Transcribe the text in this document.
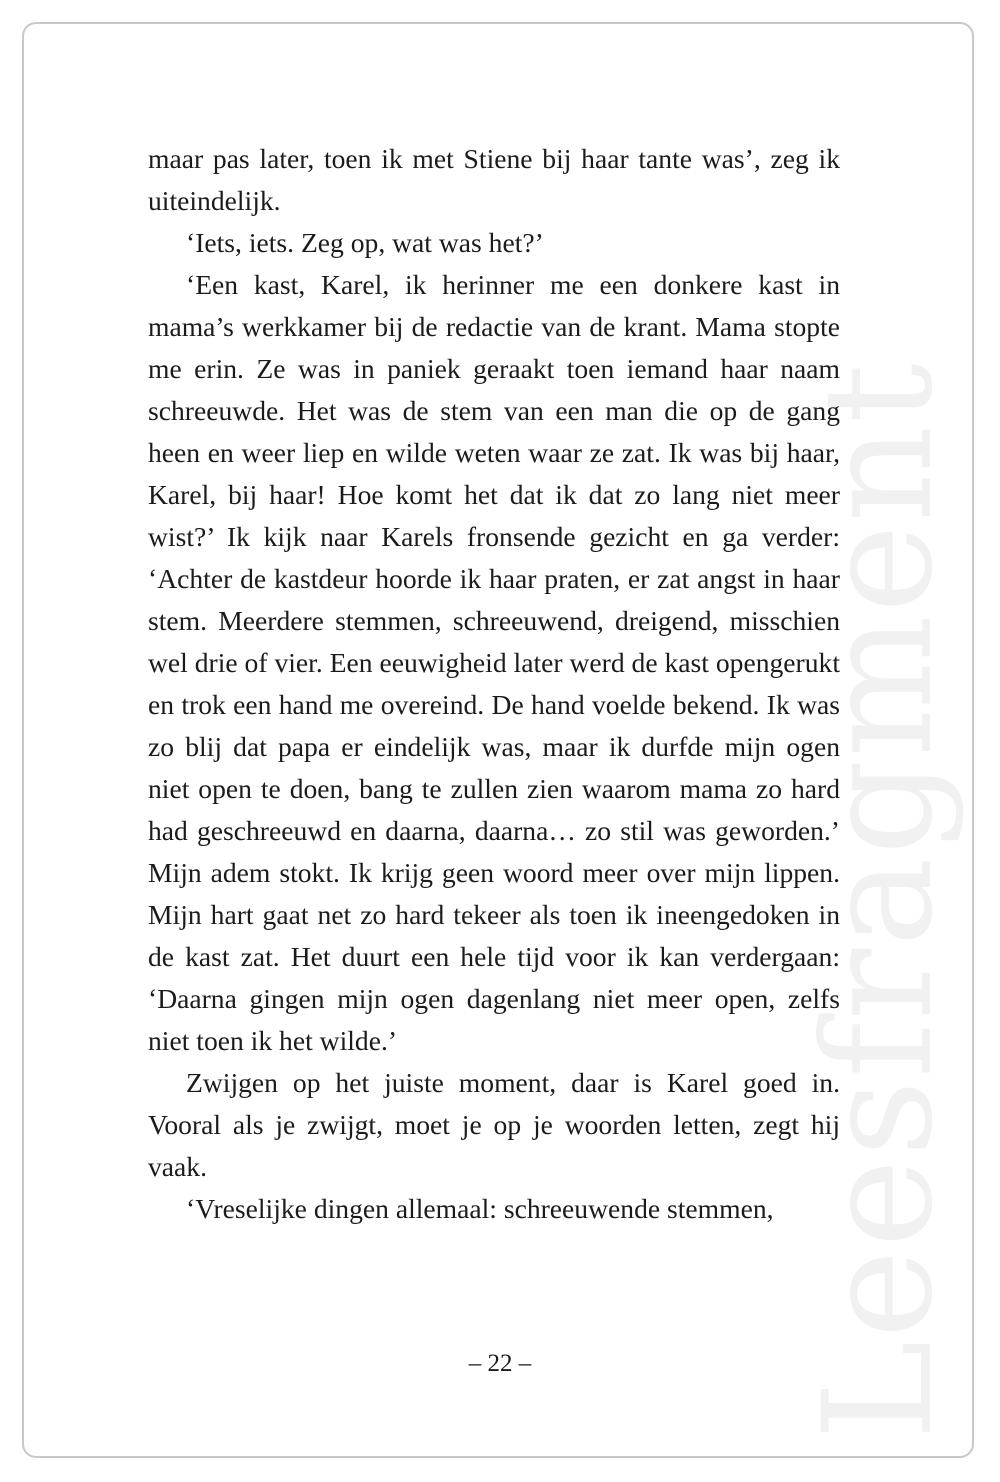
Leesfragment

maar pas later, toen ik met Stiene bij haar tante was’, zeg ik uiteindelijk.

‘Iets, iets. Zeg op, wat was het?’

‘Een kast, Karel, ik herinner me een donkere kast in mama’s werkkamer bij de redactie van de krant. Mama stopte me erin. Ze was in paniek geraakt toen iemand haar naam schreeuwde. Het was de stem van een man die op de gang heen en weer liep en wilde weten waar ze zat. Ik was bij haar, Karel, bij haar! Hoe komt het dat ik dat zo lang niet meer wist?’ Ik kijk naar Karels fronsende gezicht en ga verder: ‘Achter de kastdeur hoorde ik haar praten, er zat angst in haar stem. Meerdere stemmen, schreeuwend, dreigend, misschien wel drie of vier. Een eeuwigheid later werd de kast opengerukt en trok een hand me overeind. De hand voelde bekend. Ik was zo blij dat papa er eindelijk was, maar ik durfde mijn ogen niet open te doen, bang te zullen zien waarom mama zo hard had geschreeuwd en daarna, daarna… zo stil was geworden.’ Mijn adem stokt. Ik krijg geen woord meer over mijn lippen. Mijn hart gaat net zo hard tekeer als toen ik ineengedoken in de kast zat. Het duurt een hele tijd voor ik kan verdergaan: ‘Daarna gingen mijn ogen dagenlang niet meer open, zelfs niet toen ik het wilde.’

Zwijgen op het juiste moment, daar is Karel goed in. Vooral als je zwijgt, moet je op je woorden letten, zegt hij vaak.

‘Vreselijke dingen allemaal: schreeuwende stemmen,

– 22 –
